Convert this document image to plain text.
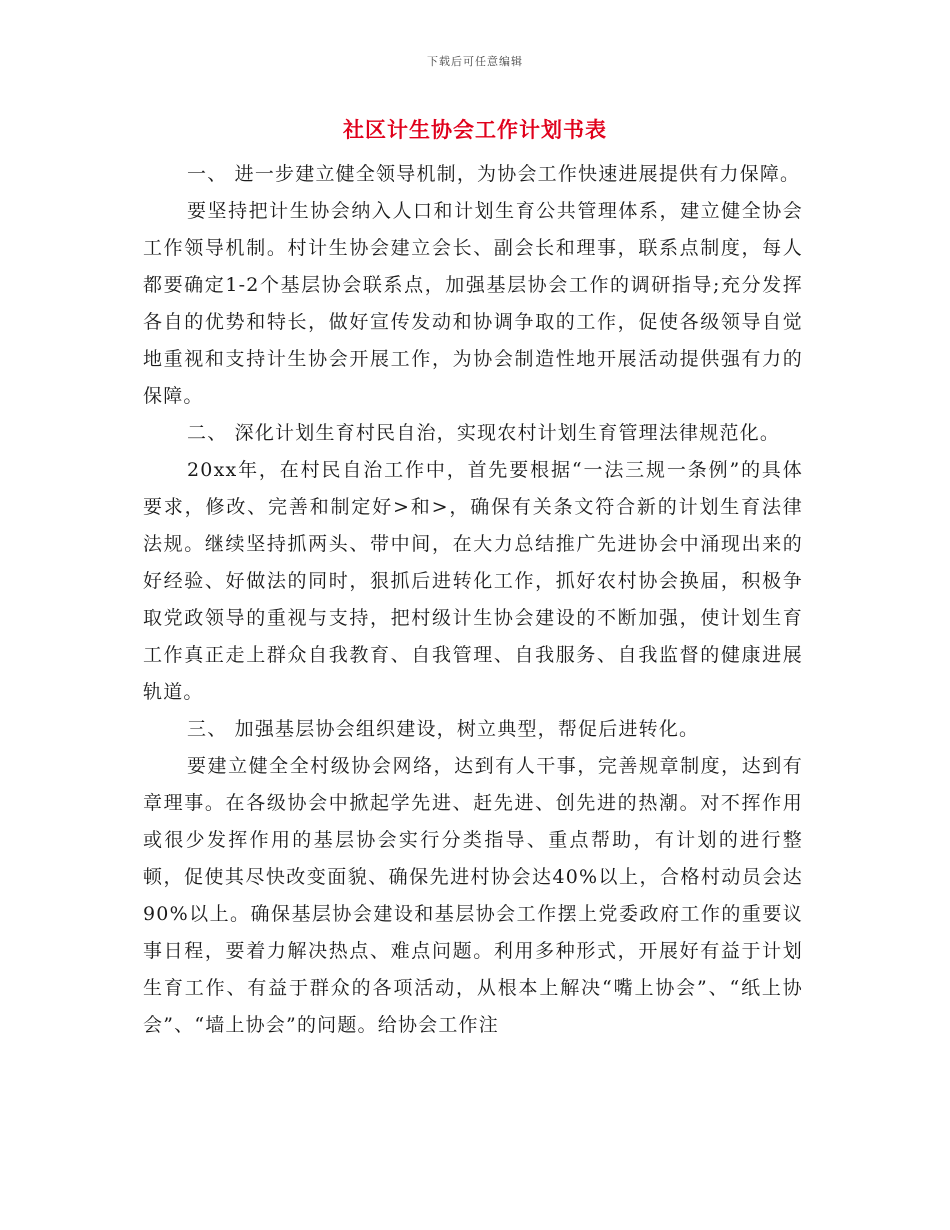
下载后可任意编辑
社区计生协会工作计划书表

一、 进一步建立健全领导机制，为协会工作快速进展提供有力保障。

要坚持把计生协会纳入人口和计划生育公共管理体系，建立健全协会工作领导机制。村计生协会建立会长、副会长和理事，联系点制度，每人都要确定1-2个基层协会联系点，加强基层协会工作的调研指导;充分发挥各自的优势和特长，做好宣传发动和协调争取的工作，促使各级领导自觉地重视和支持计生协会开展工作，为协会制造性地开展活动提供强有力的保障。

二、 深化计划生育村民自治，实现农村计划生育管理法律规范化。

20xx年，在村民自治工作中，首先要根据“一法三规一条例”的具体要求，修改、完善和制定好>和>，确保有关条文符合新的计划生育法律法规。继续坚持抓两头、带中间，在大力总结推广先进协会中涌现出来的好经验、好做法的同时，狠抓后进转化工作，抓好农村协会换届，积极争取党政领导的重视与支持，把村级计生协会建设的不断加强，使计划生育工作真正走上群众自我教育、自我管理、自我服务、自我监督的健康进展轨道。

三、 加强基层协会组织建设，树立典型，帮促后进转化。

要建立健全全村级协会网络，达到有人干事，完善规章制度，达到有章理事。在各级协会中掀起学先进、赶先进、创先进的热潮。对不挥作用或很少发挥作用的基层协会实行分类指导、重点帮助，有计划的进行整顿，促使其尽快改变面貌、确保先进村协会达40%以上，合格村动员会达90%以上。确保基层协会建设和基层协会工作摆上党委政府工作的重要议事日程，要着力解决热点、难点问题。利用多种形式，开展好有益于计划生育工作、有益于群众的各项活动，从根本上解决“嘴上协会”、“纸上协会”、“墙上协会”的问题。给协会工作注
